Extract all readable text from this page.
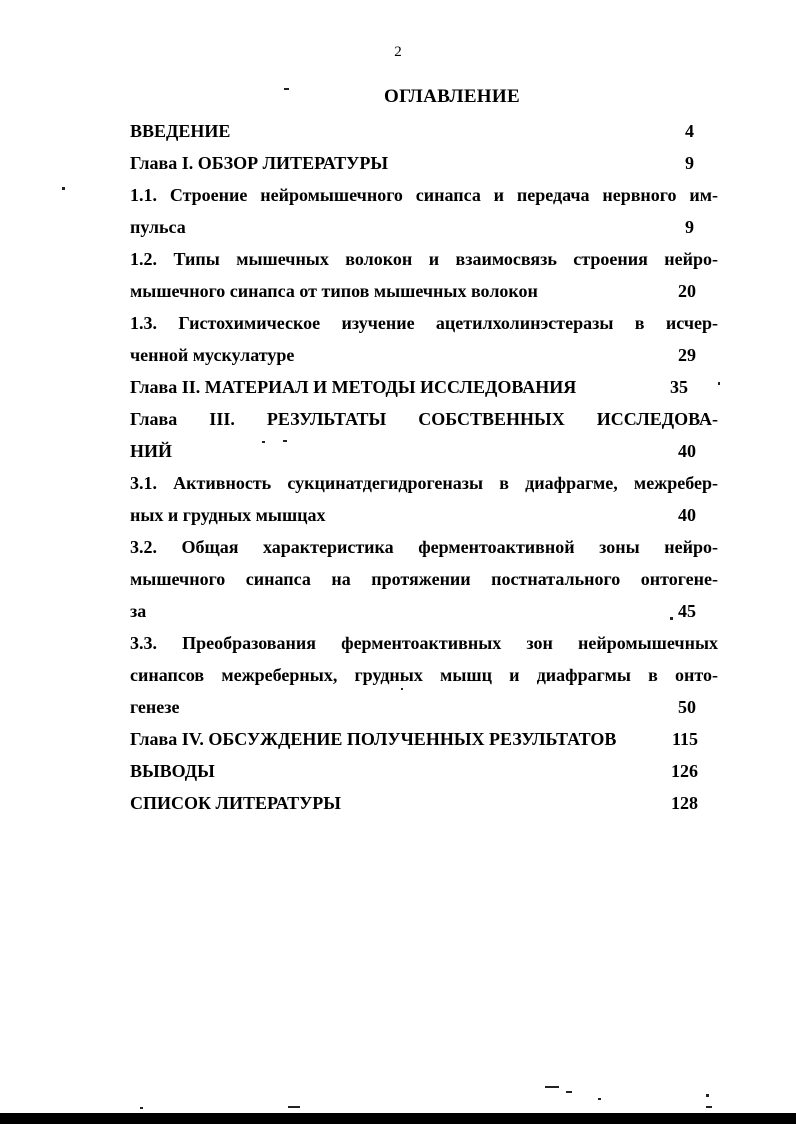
2
ОГЛАВЛЕНИЕ
ВВЕДЕНИЕ	4
Глава I. ОБЗОР ЛИТЕРАТУРЫ	9
1.1. Строение нейромышечного синапса и передача нервного им-
пульса	9
1.2. Типы мышечных волокон и взаимосвязь строения нейро-
мышечного синапса от типов мышечных волокон	20
1.3. Гистохимическое изучение ацетилхолинэстеразы в исчер-
ченной мускулатуре	29
Глава II. МАТЕРИАЛ И МЕТОДЫ ИССЛЕДОВАНИЯ	35
Глава III. РЕЗУЛЬТАТЫ СОБСТВЕННЫХ ИССЛЕДОВА-
НИЙ	40
3.1. Активность сукцинатдегидрогеназы в диафрагме, межребер-
ных и грудных мышцах	40
3.2. Общая характеристика ферментоактивной зоны нейро-
мышечного синапса на протяжении постнатального онтогене-
за	45
3.3. Преобразования ферментоактивных зон нейромышечных
синапсов межреберных, грудных мышц и диафрагмы в онто-
генезе	50
Глава IV. ОБСУЖДЕНИЕ ПОЛУЧЕННЫХ РЕЗУЛЬТАТОВ	115
ВЫВОДЫ	126
СПИСОК ЛИТЕРАТУРЫ	128
